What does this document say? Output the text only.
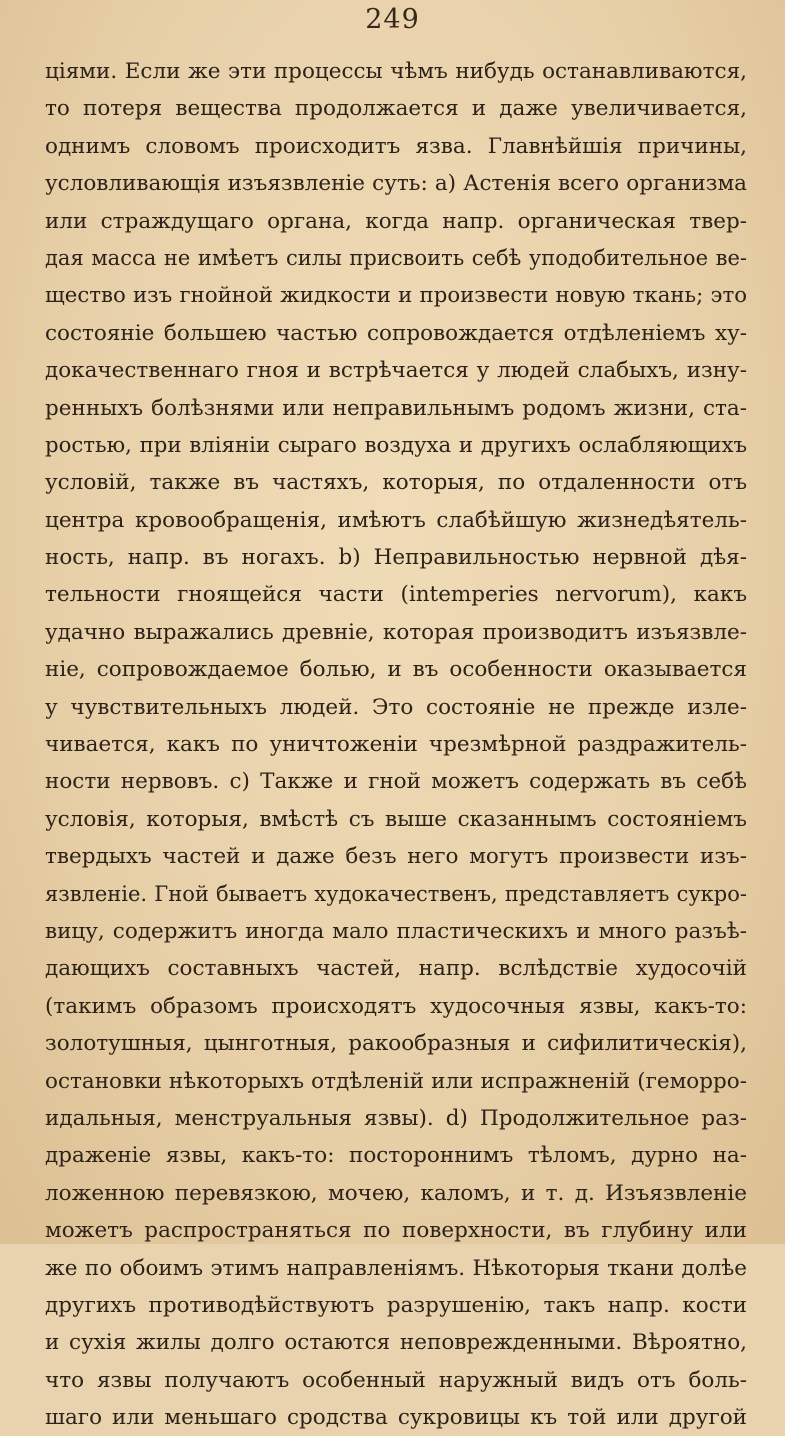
249
ціями. Если же эти процессы чѣмъ нибудь останавливаются,
то потеря вещества продолжается и даже увеличивается,
однимъ словомъ происходитъ язва. Главнѣйшія причины,
условливающія изъязвленіе суть: а) Астенія всего организма
или страждущаго органа, когда напр. органическая твер-
дая масса не имѣетъ силы присвоить себѣ уподобительное ве-
щество изъ гнойной жидкости и произвести новую ткань; это
состояніе большею частью сопровождается отдѣленіемъ ху-
докачественнаго гноя и встрѣчается у людей слабыхъ, изну-
ренныхъ болѣзнями или неправильнымъ родомъ жизни, ста-
ростью, при вліяніи сыраго воздуха и другихъ ослабляющихъ
условій, также въ частяхъ, которыя, по отдаленности отъ
центра кровообращенія, имѣютъ слабѣйшую жизнедѣятель-
ность, напр. въ ногахъ. b) Неправильностью нервной дѣя-
тельности гноящейся части (intemperies nervorum), какъ
удачно выражались древніе, которая производитъ изъязвле-
ніе, сопровождаемое болью, и въ особенности оказывается
у чувствительныхъ людей. Это состояніе не прежде изле-
чивается, какъ по уничтоженіи чрезмѣрной раздражитель-
ности нервовъ. c) Также и гной можетъ содержать въ себѣ
условія, которыя, вмѣстѣ съ выше сказаннымъ состояніемъ
твердыхъ частей и даже безъ него могутъ произвести изъ-
язвленіе. Гной бываетъ худокачественъ, представляетъ сукро-
вицу, содержитъ иногда мало пластическихъ и много разъѣ-
дающихъ составныхъ частей, напр. вслѣдствіе худосочій
(такимъ образомъ происходятъ худосочныя язвы, какъ-то:
золотушныя, цынготныя, ракообразныя и сифилитическія),
остановки нѣкоторыхъ отдѣленій или испражненій (геморро-
идальныя, менструальныя язвы). d) Продолжительное раз-
драженіе язвы, какъ-то: постороннимъ тѣломъ, дурно на-
ложенною перевязкою, мочею, каломъ, и т. д. Изъязвленіе
можетъ распространяться по поверхности, въ глубину или
же по обоимъ этимъ направленіямъ. Нѣкоторыя ткани долѣе
другихъ противодѣйствуютъ разрушенію, такъ напр. кости
и сухія жилы долго остаются неповрежденными. Вѣроятно,
что язвы получаютъ особенный наружный видъ отъ боль-
шаго или меньшаго сродства сукровицы къ той или другой
